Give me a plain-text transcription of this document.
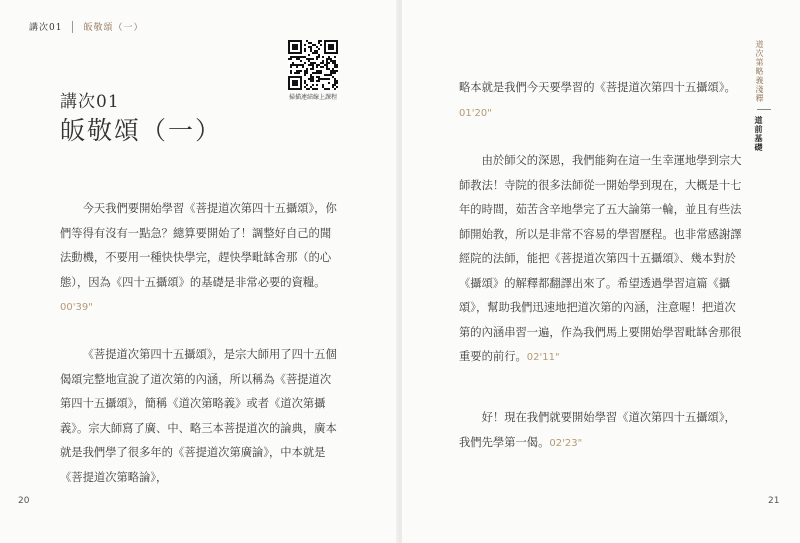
講次01 皈敬頌（一）
掃描連結線上課程
講次01
皈敬頌（一）

今天我們要開始學習《菩提道次第四十五攝頌》，你們等得有沒有一點急？總算要開始了！調整好自己的聞法動機，不要用一種快快學完，趕快學毗缽舍那（的心態），因為《四十五攝頌》的基礎是非常必要的資糧。00'39"

《菩提道次第四十五攝頌》，是宗大師用了四十五個偈頌完整地宣說了道次第的內涵，所以稱為《菩提道次第四十五攝頌》，簡稱《道次第略義》或者《道次第攝義》。宗大師寫了廣、中、略三本菩提道次的論典，廣本就是我們學了很多年的《菩提道次第廣論》，中本就是《菩提道次第略論》，

20

略本就是我們今天要學習的《菩提道次第四十五攝頌》。01'20"

由於師父的深恩，我們能夠在這一生幸運地學到宗大師教法！寺院的很多法師從一開始學到現在，大概是十七年的時間，茹苦含辛地學完了五大論第一輪，並且有些法師開始教，所以是非常不容易的學習歷程。也非常感謝譯經院的法師，能把《菩提道次第四十五攝頌》、幾本對於《攝頌》的解釋都翻譯出來了。希望透過學習這篇《攝頌》，幫助我們迅速地把道次第的內涵，注意喔！把道次第的內涵串習一遍，作為我們馬上要開始學習毗缽舍那很重要的前行。02'11"

好！現在我們就要開始學習《道次第四十五攝頌》，我們先學第一偈。02'23"

21
道次第略義淺釋
道前基礎
